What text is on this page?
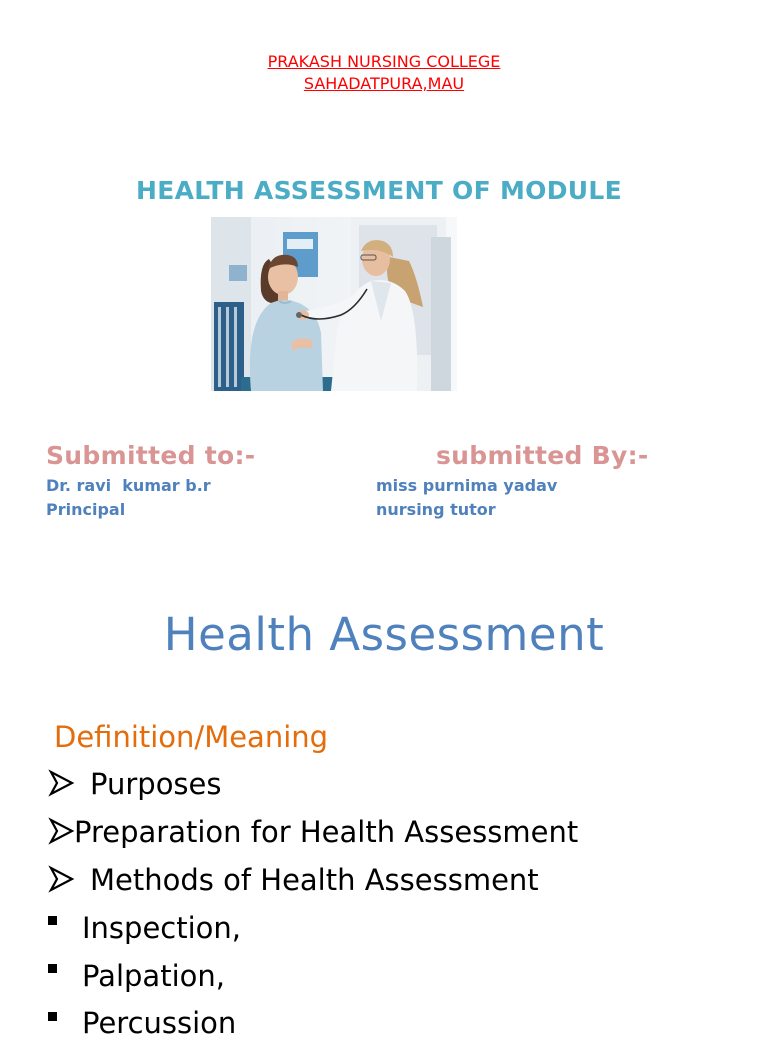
PRAKASH NURSING COLLEGE
SAHADATPURA,MAU
HEALTH ASSESSMENT OF MODULE
Submitted to:-	submitted By:-
Dr. ravi  kumar b.r
Principal
miss purnima yadav
nursing tutor
Health Assessment
Definition/Meaning
Purposes
Preparation for Health Assessment
Methods of Health Assessment
Inspection,
Palpation,
Percussion
